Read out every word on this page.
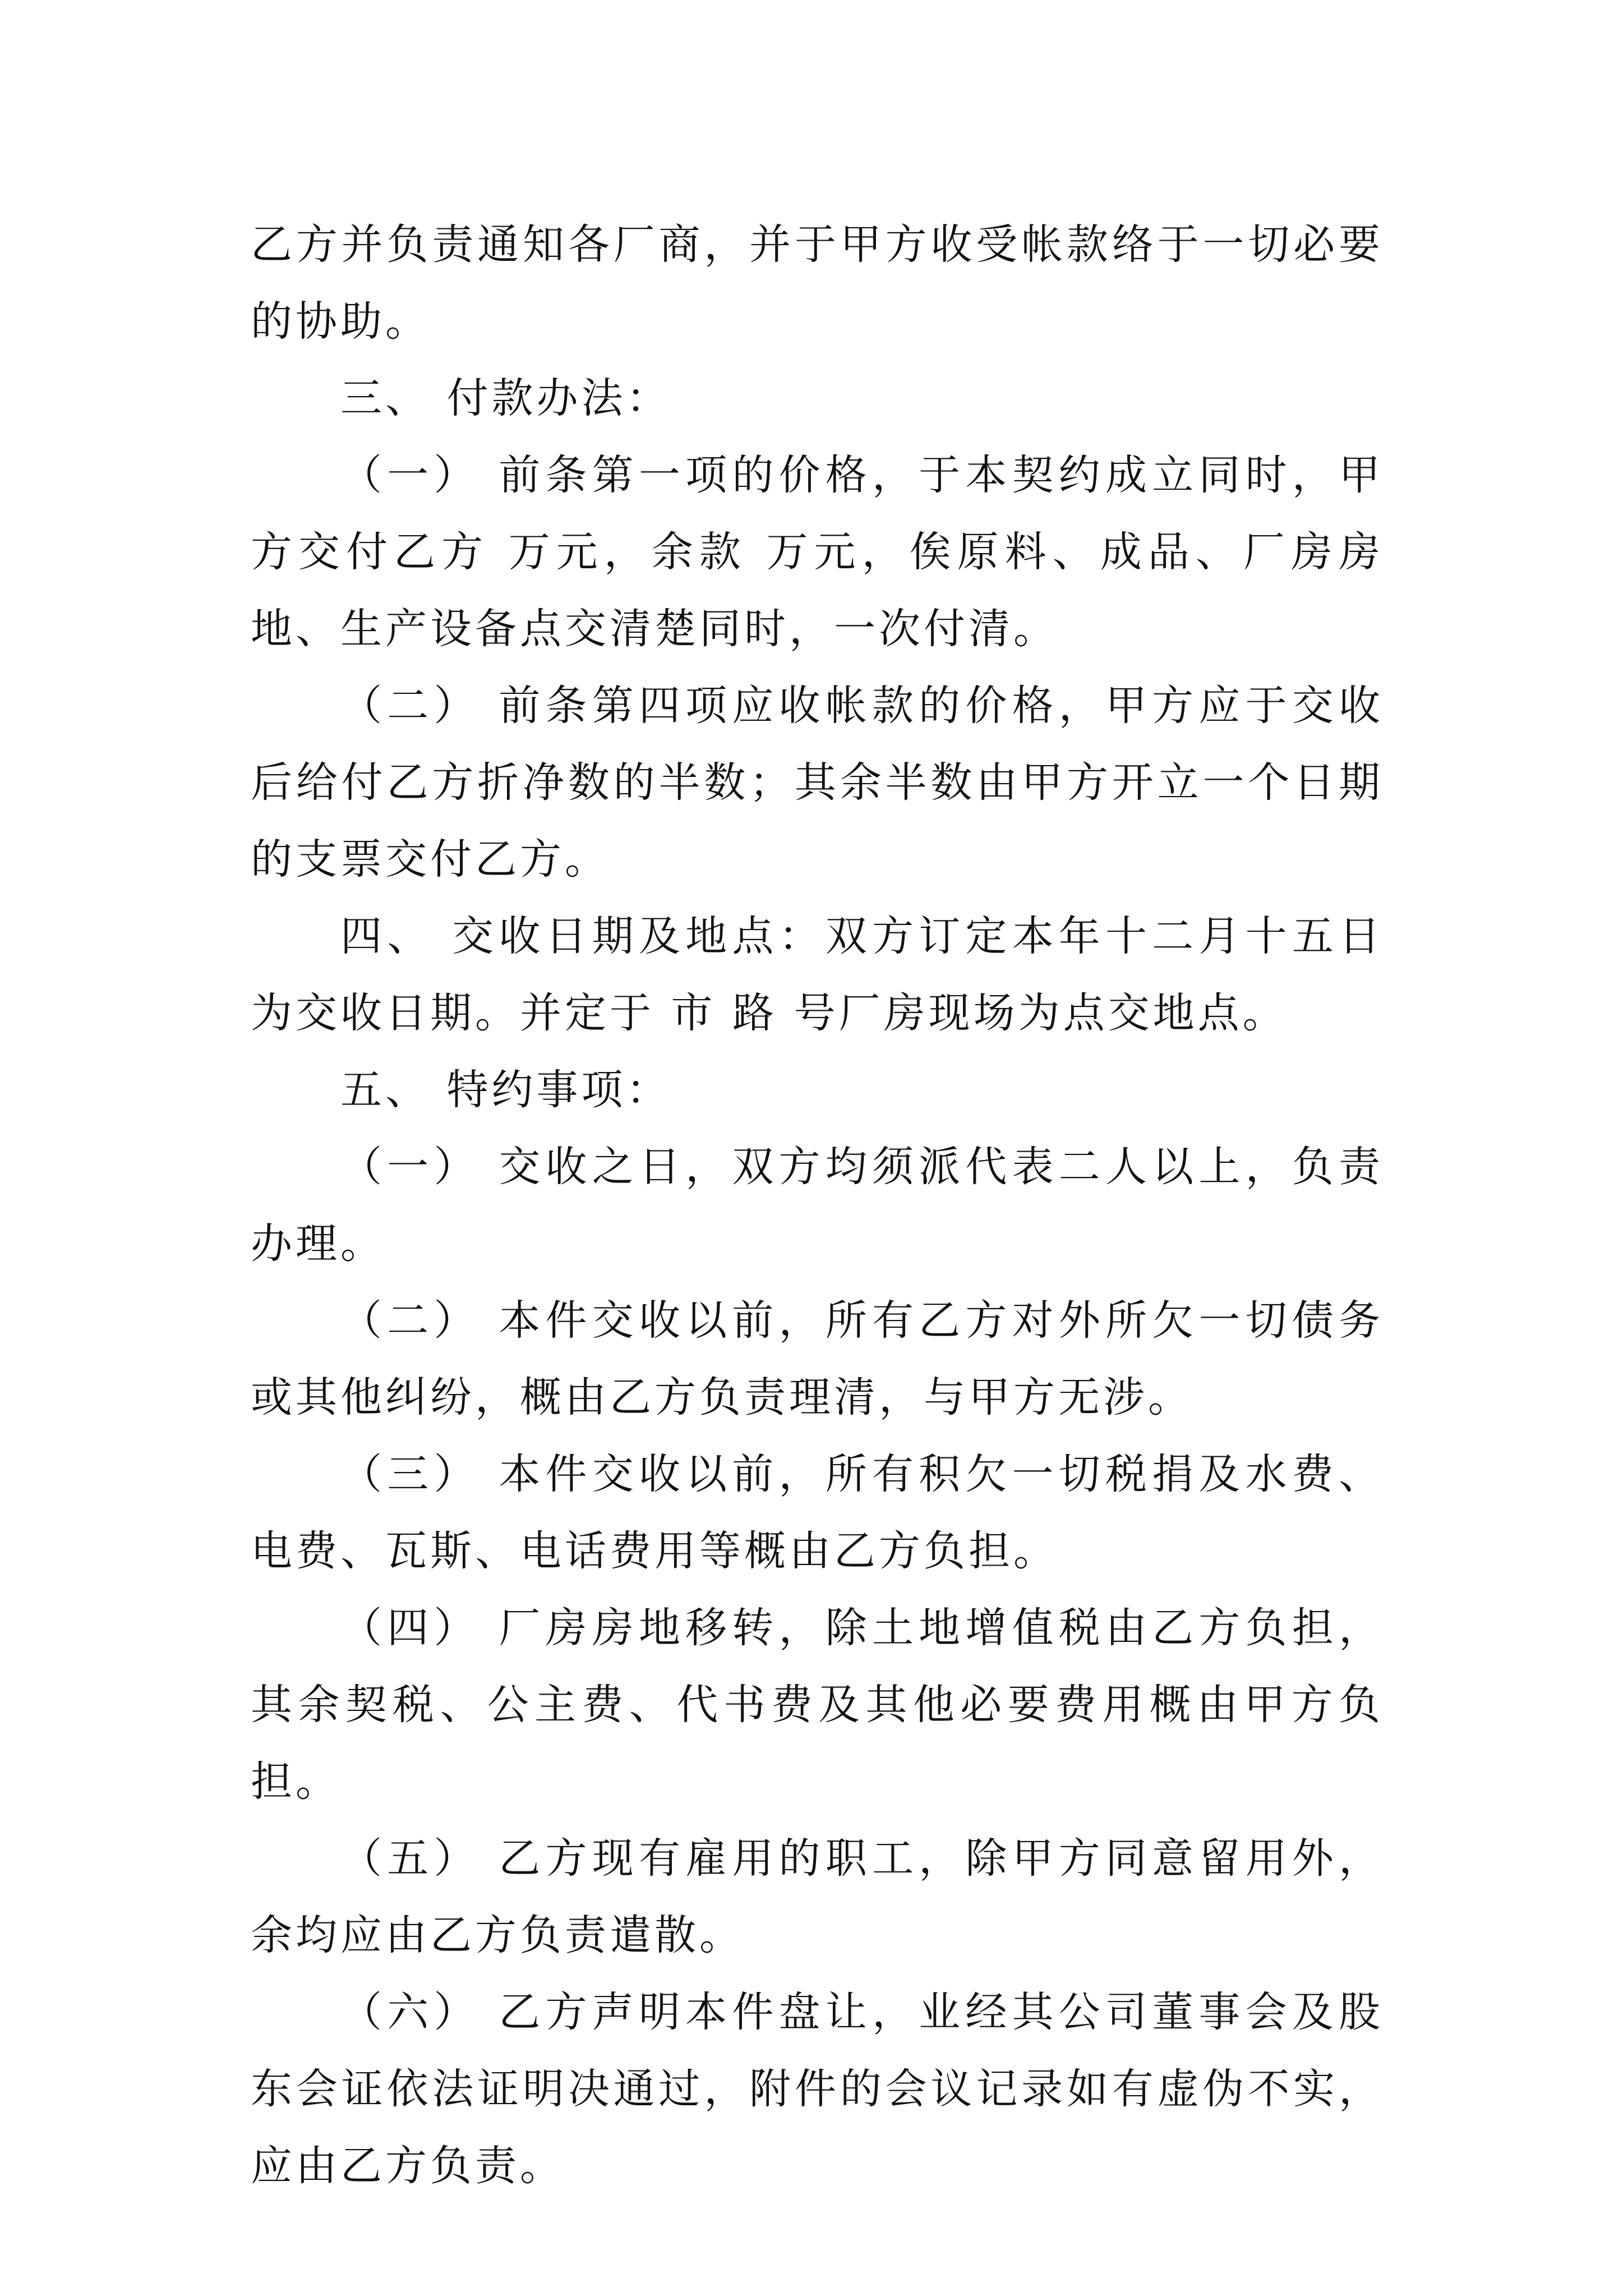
乙方并负责通知各厂商，并于甲方收受帐款络于一切必要的协助。

三、 付款办法：

（一） 前条第一项的价格，于本契约成立同时，甲方交付乙方 万元，余款 万元，俟原料、成品、厂房房地、生产设备点交清楚同时，一次付清。

（二） 前条第四项应收帐款的价格，甲方应于交收后给付乙方折净数的半数；其余半数由甲方开立一个日期的支票交付乙方。

四、 交收日期及地点：双方订定本年十二月十五日为交收日期。并定于 市 路 号厂房现场为点交地点。

五、 特约事项：

（一） 交收之日，双方均须派代表二人以上，负责办理。

（二） 本件交收以前，所有乙方对外所欠一切债务或其他纠纷，概由乙方负责理清，与甲方无涉。

（三） 本件交收以前，所有积欠一切税捐及水费、电费、瓦斯、电话费用等概由乙方负担。

（四） 厂房房地移转，除土地增值税由乙方负担，其余契税、公主费、代书费及其他必要费用概由甲方负担。

（五） 乙方现有雇用的职工，除甲方同意留用外，余均应由乙方负责遣散。

（六） 乙方声明本件盘让，业经其公司董事会及股东会证依法证明决通过，附件的会议记录如有虚伪不实，应由乙方负责。
